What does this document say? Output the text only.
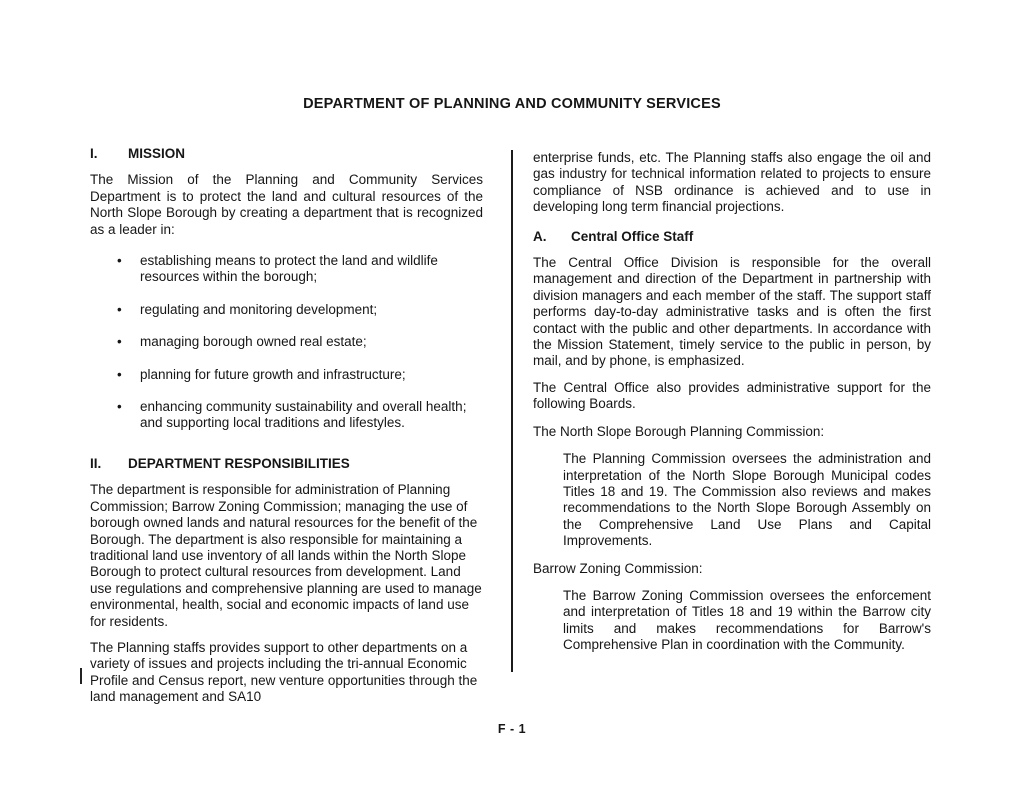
DEPARTMENT OF PLANNING AND COMMUNITY SERVICES
I.	MISSION

The Mission of the Planning and Community Services Department is to protect the land and cultural resources of the North Slope Borough by creating a department that is recognized as a leader in:

•	establishing means to protect the land and wildlife resources within the borough;
•	regulating and monitoring development;
•	managing borough owned real estate;
•	planning for future growth and infrastructure;
•	enhancing community sustainability and overall health; and supporting local traditions and lifestyles.
II.	DEPARTMENT RESPONSIBILITIES

The department is responsible for administration of Planning Commission; Barrow Zoning Commission; managing the use of borough owned lands and natural resources for the benefit of the Borough. The department is also responsible for maintaining a traditional land use inventory of all lands within the North Slope Borough to protect cultural resources from development. Land use regulations and comprehensive planning are used to manage environmental, health, social and economic impacts of land use for residents.

The Planning staffs provides support to other departments on a variety of issues and projects including the tri-annual Economic Profile and Census report, new venture opportunities through the land management and SA10

enterprise funds, etc. The Planning staffs also engage the oil and gas industry for technical information related to projects to ensure compliance of NSB ordinance is achieved and to use in developing long term financial projections.

A.	Central Office Staff

The Central Office Division is responsible for the overall management and direction of the Department in partnership with division managers and each member of the staff. The support staff performs day-to-day administrative tasks and is often the first contact with the public and other departments. In accordance with the Mission Statement, timely service to the public in person, by mail, and by phone, is emphasized.

The Central Office also provides administrative support for the following Boards.

The North Slope Borough Planning Commission:

The Planning Commission oversees the administration and interpretation of the North Slope Borough Municipal codes Titles 18 and 19. The Commission also reviews and makes recommendations to the North Slope Borough Assembly on the Comprehensive Land Use Plans and Capital Improvements.

Barrow Zoning Commission:

The Barrow Zoning Commission oversees the enforcement and interpretation of Titles 18 and 19 within the Barrow city limits and makes recommendations for Barrow's Comprehensive Plan in coordination with the Community.

F - 1
